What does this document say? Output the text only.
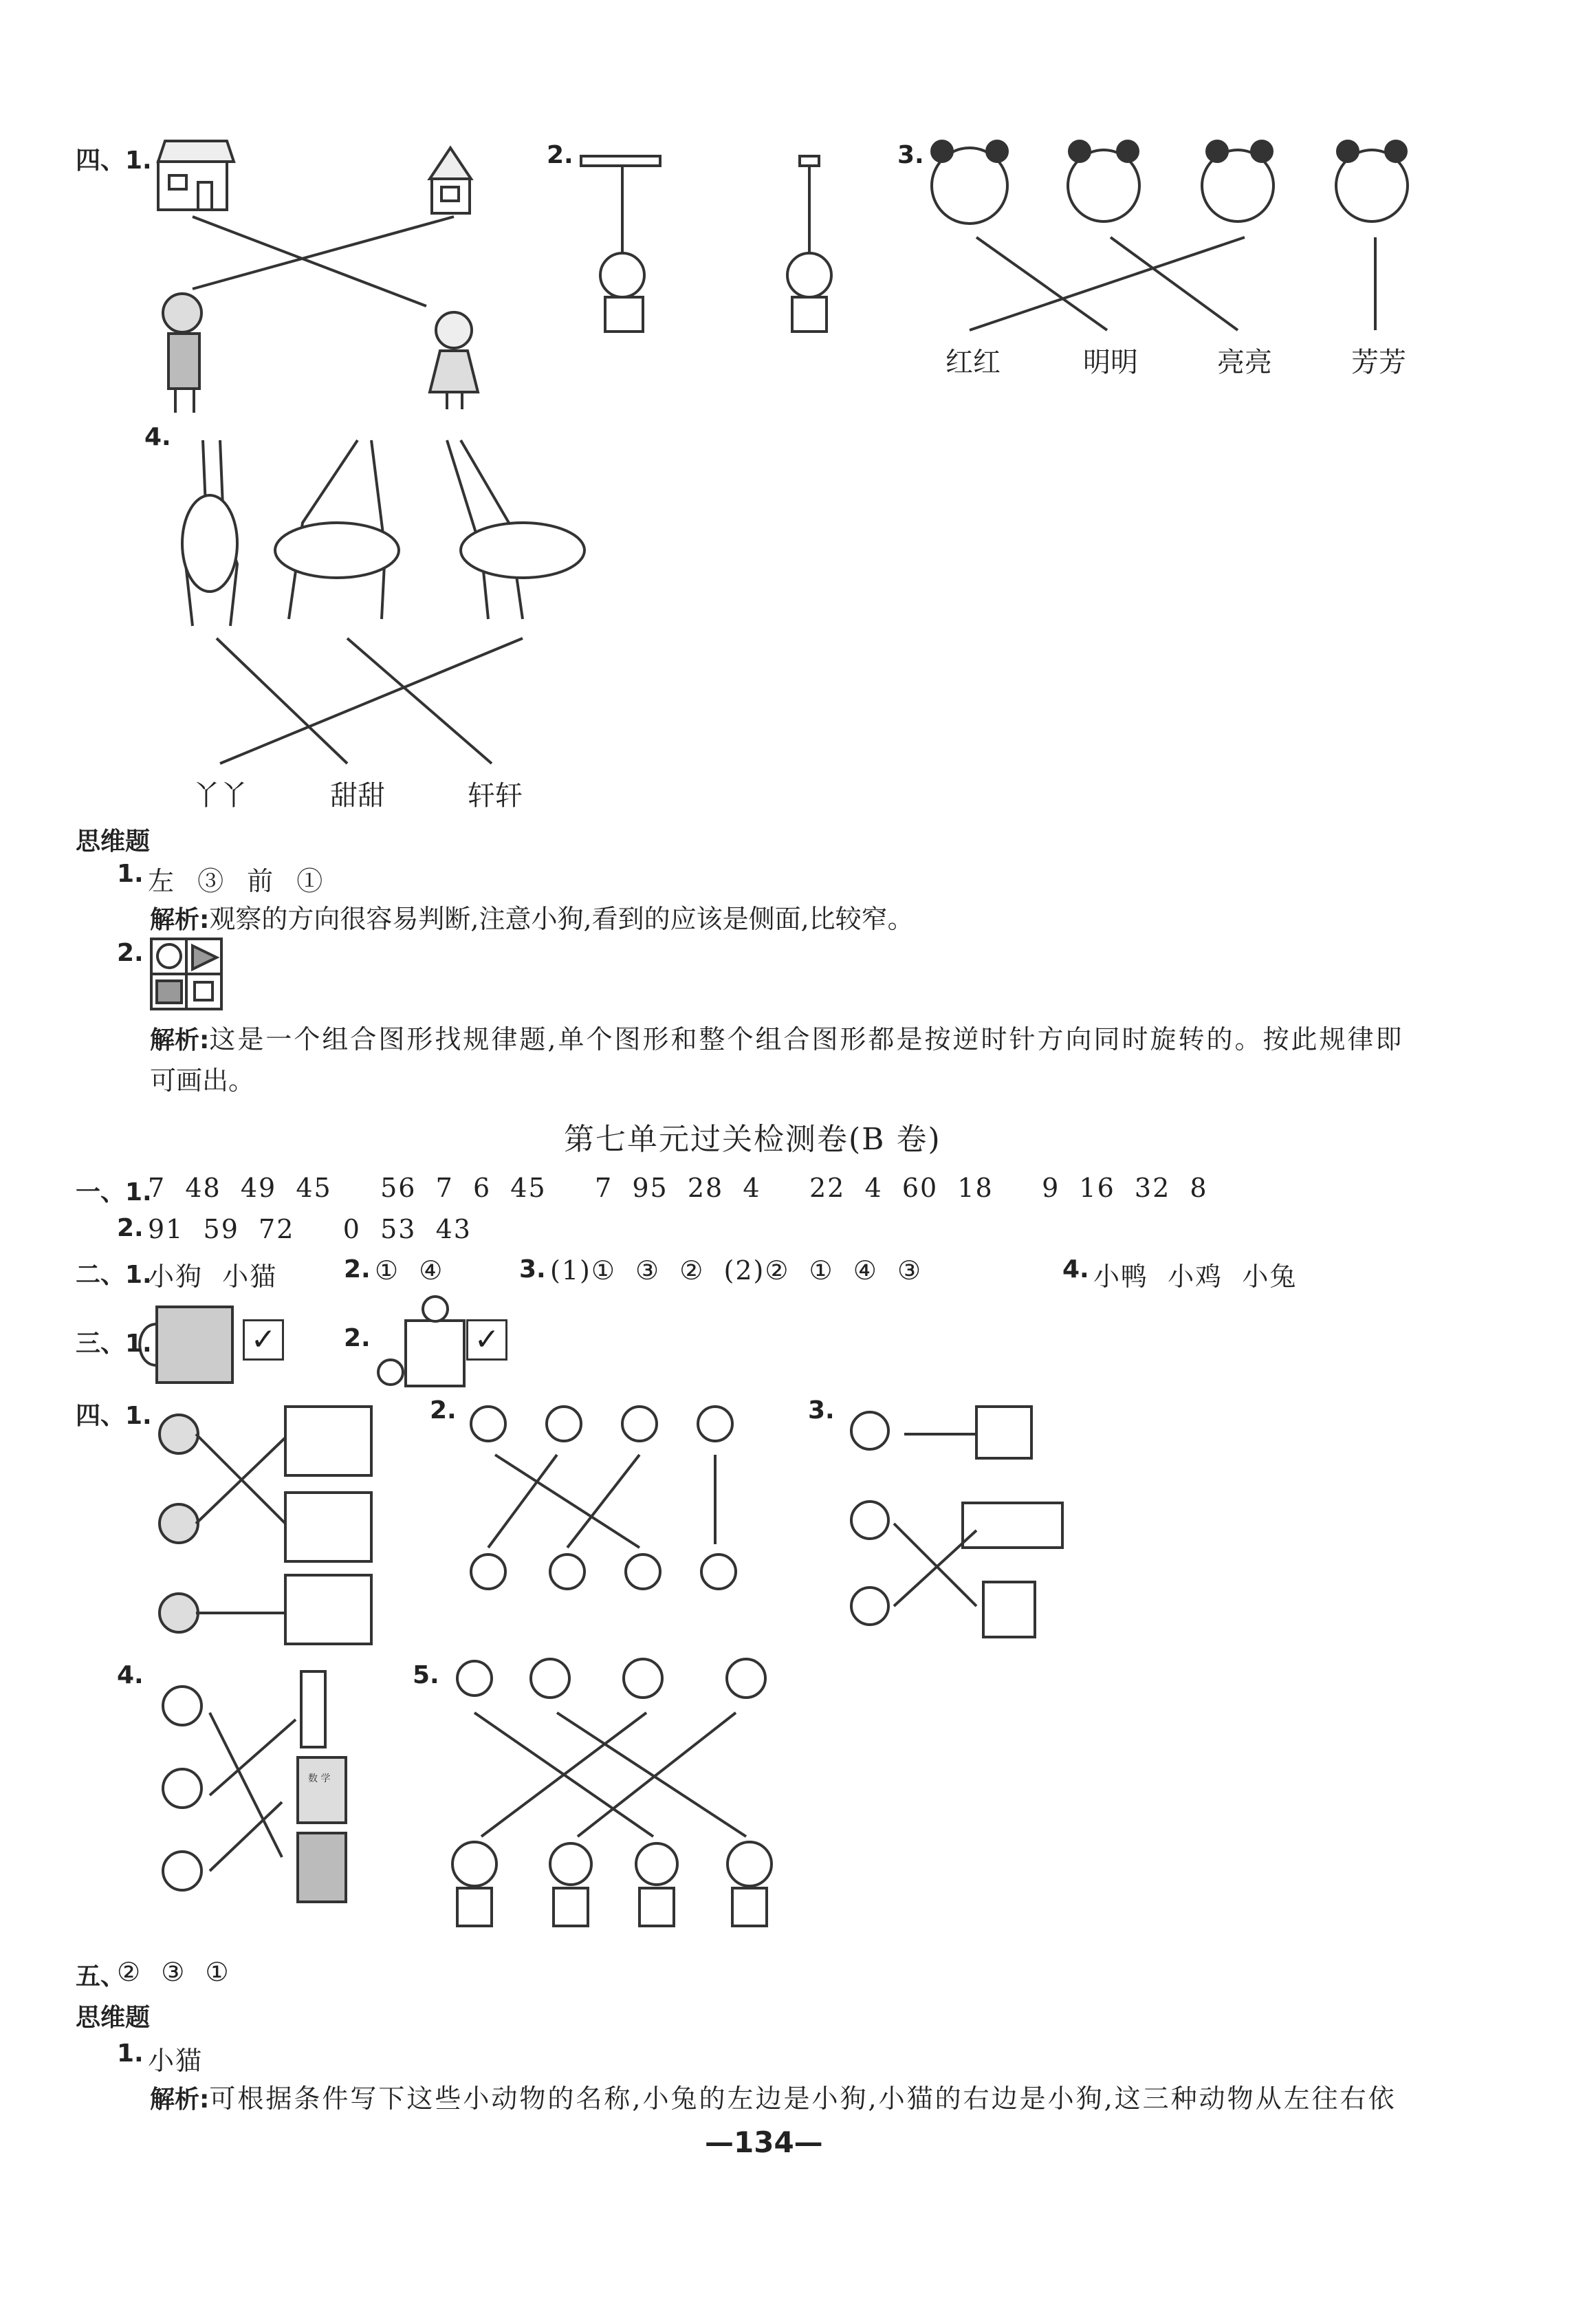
数 学
四、1.	2.	3.
4.
红红	明明	亮亮	芳芳
丫丫	甜甜	轩轩
思维题
1. 左 ③ 前 ①
解析:观察的方向很容易判断,注意小狗,看到的应该是侧面,比较窄。
2.
解析:这是一个组合图形找规律题,单个图形和整个组合图形都是按逆时针方向同时旋转的。按此规律即
可画出。
第七单元过关检测卷(B 卷)
一、1.
7  48  49  45     56  7  6  45     7  95  28  4     22  4  60  18     9  16  32  8
2. 91  59  72     0  53  43
二、1.
小狗  小猫	2. ①  ④	3. (1)①  ③  ②  (2)②  ①  ④  ③	4. 小鸭  小鸡  小兔
三、1.	✓	2.	✓
四、1.	2.	3.
4.	5.
五、
②  ③  ①
思维题
1. 小猫
解析:可根据条件写下这些小动物的名称,小兔的左边是小狗,小猫的右边是小狗,这三种动物从左往右依
—134—
